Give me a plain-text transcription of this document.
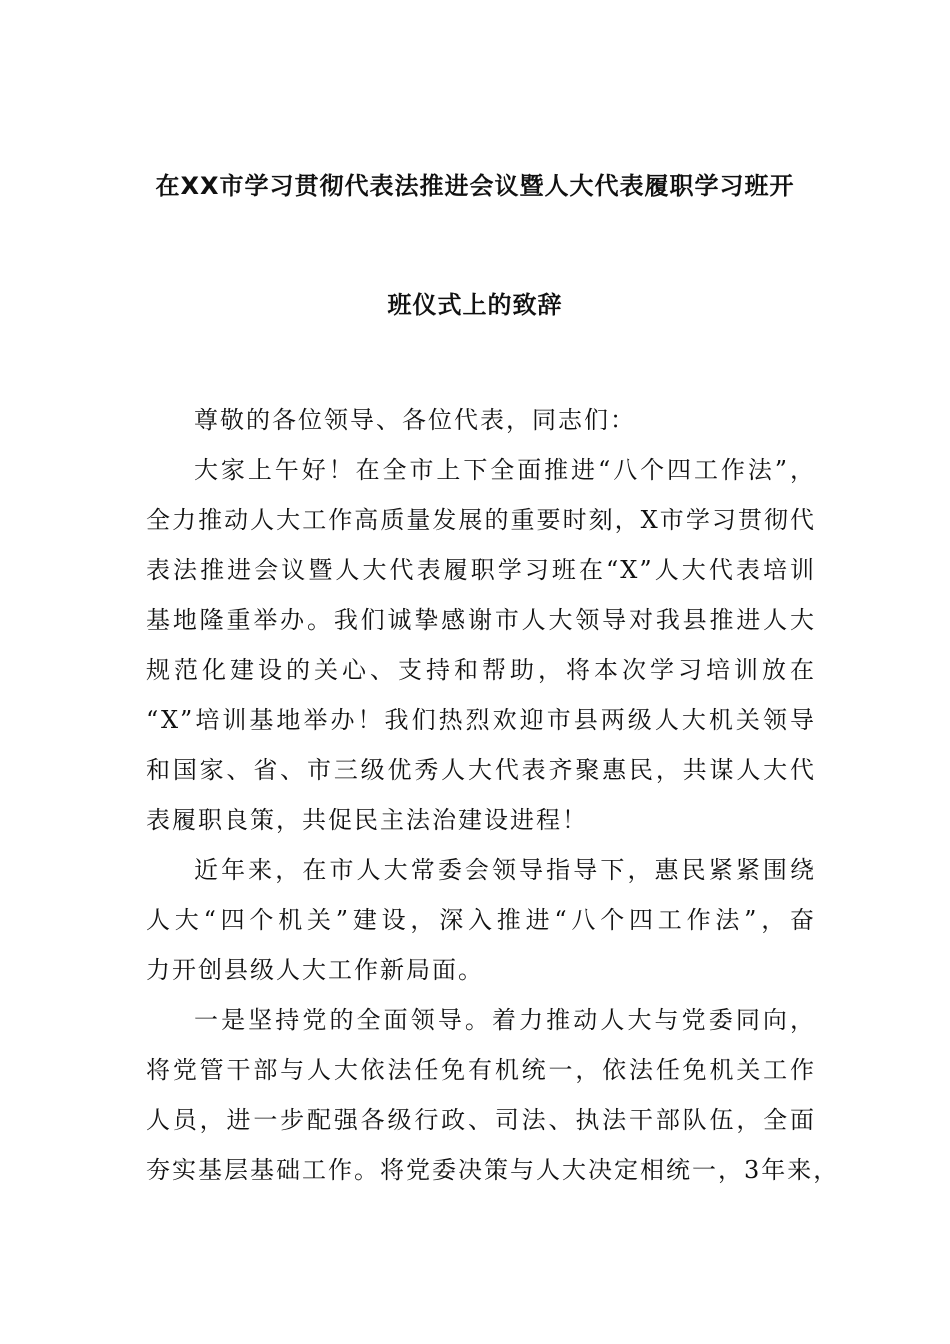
在XX市学习贯彻代表法推进会议暨人大代表履职学习班开
班仪式上的致辞
尊敬的各位领导、各位代表，同志们：
大家上午好！在全市上下全面推进“八个四工作法”，
全力推动人大工作高质量发展的重要时刻，X市学习贯彻代
表法推进会议暨人大代表履职学习班在“X”人大代表培训
基地隆重举办。我们诚挚感谢市人大领导对我县推进人大
规范化建设的关心、支持和帮助，将本次学习培训放在
“X”培训基地举办！我们热烈欢迎市县两级人大机关领导
和国家、省、市三级优秀人大代表齐聚惠民，共谋人大代
表履职良策，共促民主法治建设进程！
近年来，在市人大常委会领导指导下，惠民紧紧围绕
人大“四个机关”建设，深入推进“八个四工作法”，奋
力开创县级人大工作新局面。
一是坚持党的全面领导。着力推动人大与党委同向，
将党管干部与人大依法任免有机统一，依法任免机关工作
人员，进一步配强各级行政、司法、执法干部队伍，全面
夯实基层基础工作。将党委决策与人大决定相统一，3年来，
